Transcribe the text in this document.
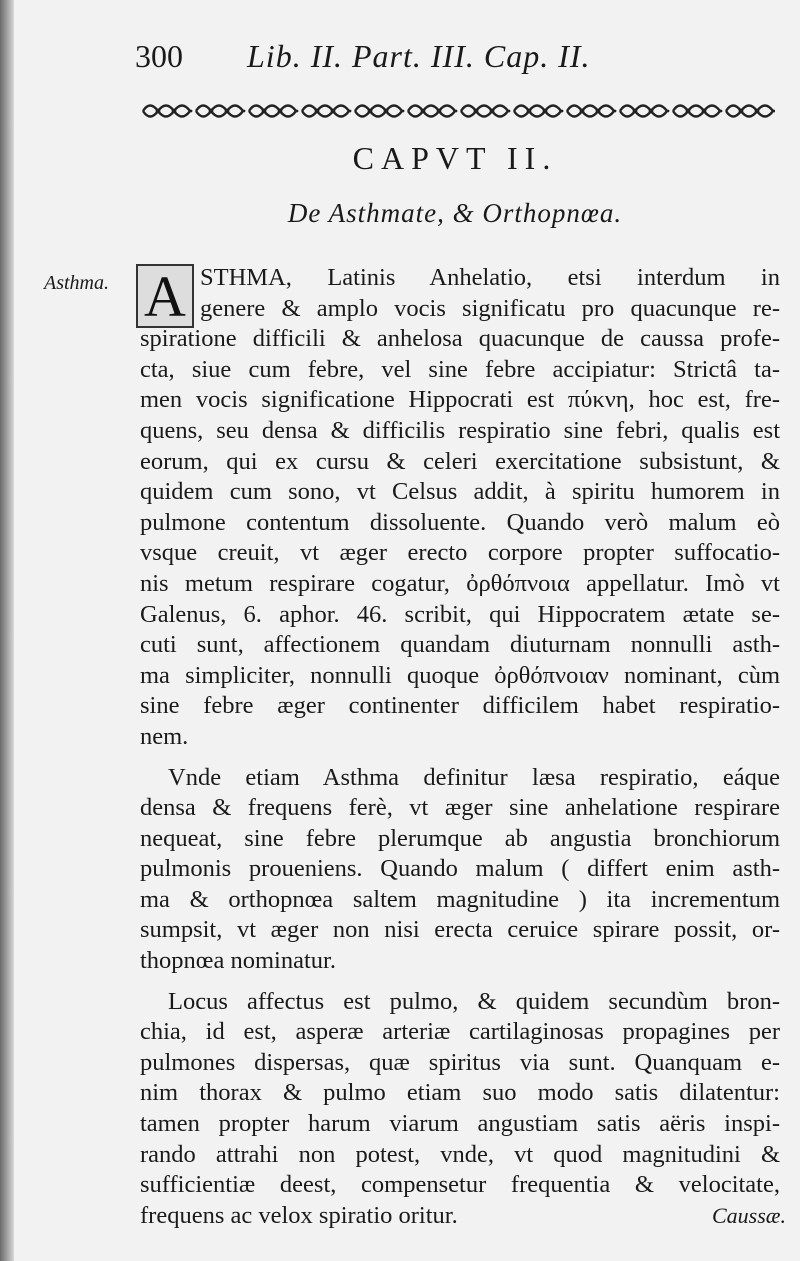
300 Lib. II. Part. III. Cap. II.
CAPVT II.
De Asthmate, & Orthopnœa.
Asthma. A STHMA, Latinis Anhelatio, etsi interdum in
genere & amplo vocis significatu pro quacunque re-
spiratione difficili & anhelosa quacunque de caussa profe-
cta, siue cum febre, vel sine febre accipiatur: Strictâ ta-
men vocis significatione Hippocrati est πύκνη, hoc est, fre-
quens, seu densa & difficilis respiratio sine febri, qualis est
eorum, qui ex cursu & celeri exercitatione subsistunt, &
quidem cum sono, vt Celsus addit, à spiritu humorem in
pulmone contentum dissoluente. Quando verò malum eò
vsque creuit, vt æger erecto corpore propter suffocatio-
nis metum respirare cogatur, ὀρθόπνοια appellatur. Imò vt
Galenus, 6. aphor. 46. scribit, qui Hippocratem ætate se-
cuti sunt, affectionem quandam diuturnam nonnulli asth-
ma simpliciter, nonnulli quoque ὀρθόπνοιαν nominant, cùm
sine febre æger continenter difficilem habet respiratio-
nem.
Vnde etiam Asthma definitur læsa respiratio, eáque
densa & frequens ferè, vt æger sine anhelatione respirare
nequeat, sine febre plerumque ab angustia bronchiorum
pulmonis proueniens. Quando malum ( differt enim asth-
ma & orthopnœa saltem magnitudine ) ita incrementum
sumpsit, vt æger non nisi erecta ceruice spirare possit, or-
thopnœa nominatur.
Locus affectus est pulmo, & quidem secundùm bron-
chia, id est, asperæ arteriæ cartilaginosas propagines per
pulmones dispersas, quæ spiritus via sunt. Quanquam e-
nim thorax & pulmo etiam suo modo satis dilatentur:
tamen propter harum viarum angustiam satis aëris inspi-
rando attrahi non potest, vnde, vt quod magnitudini &
sufficientiæ deest, compensetur frequentia & velocitate,
frequens ac velox spiratio oritur.	Caussæ.
